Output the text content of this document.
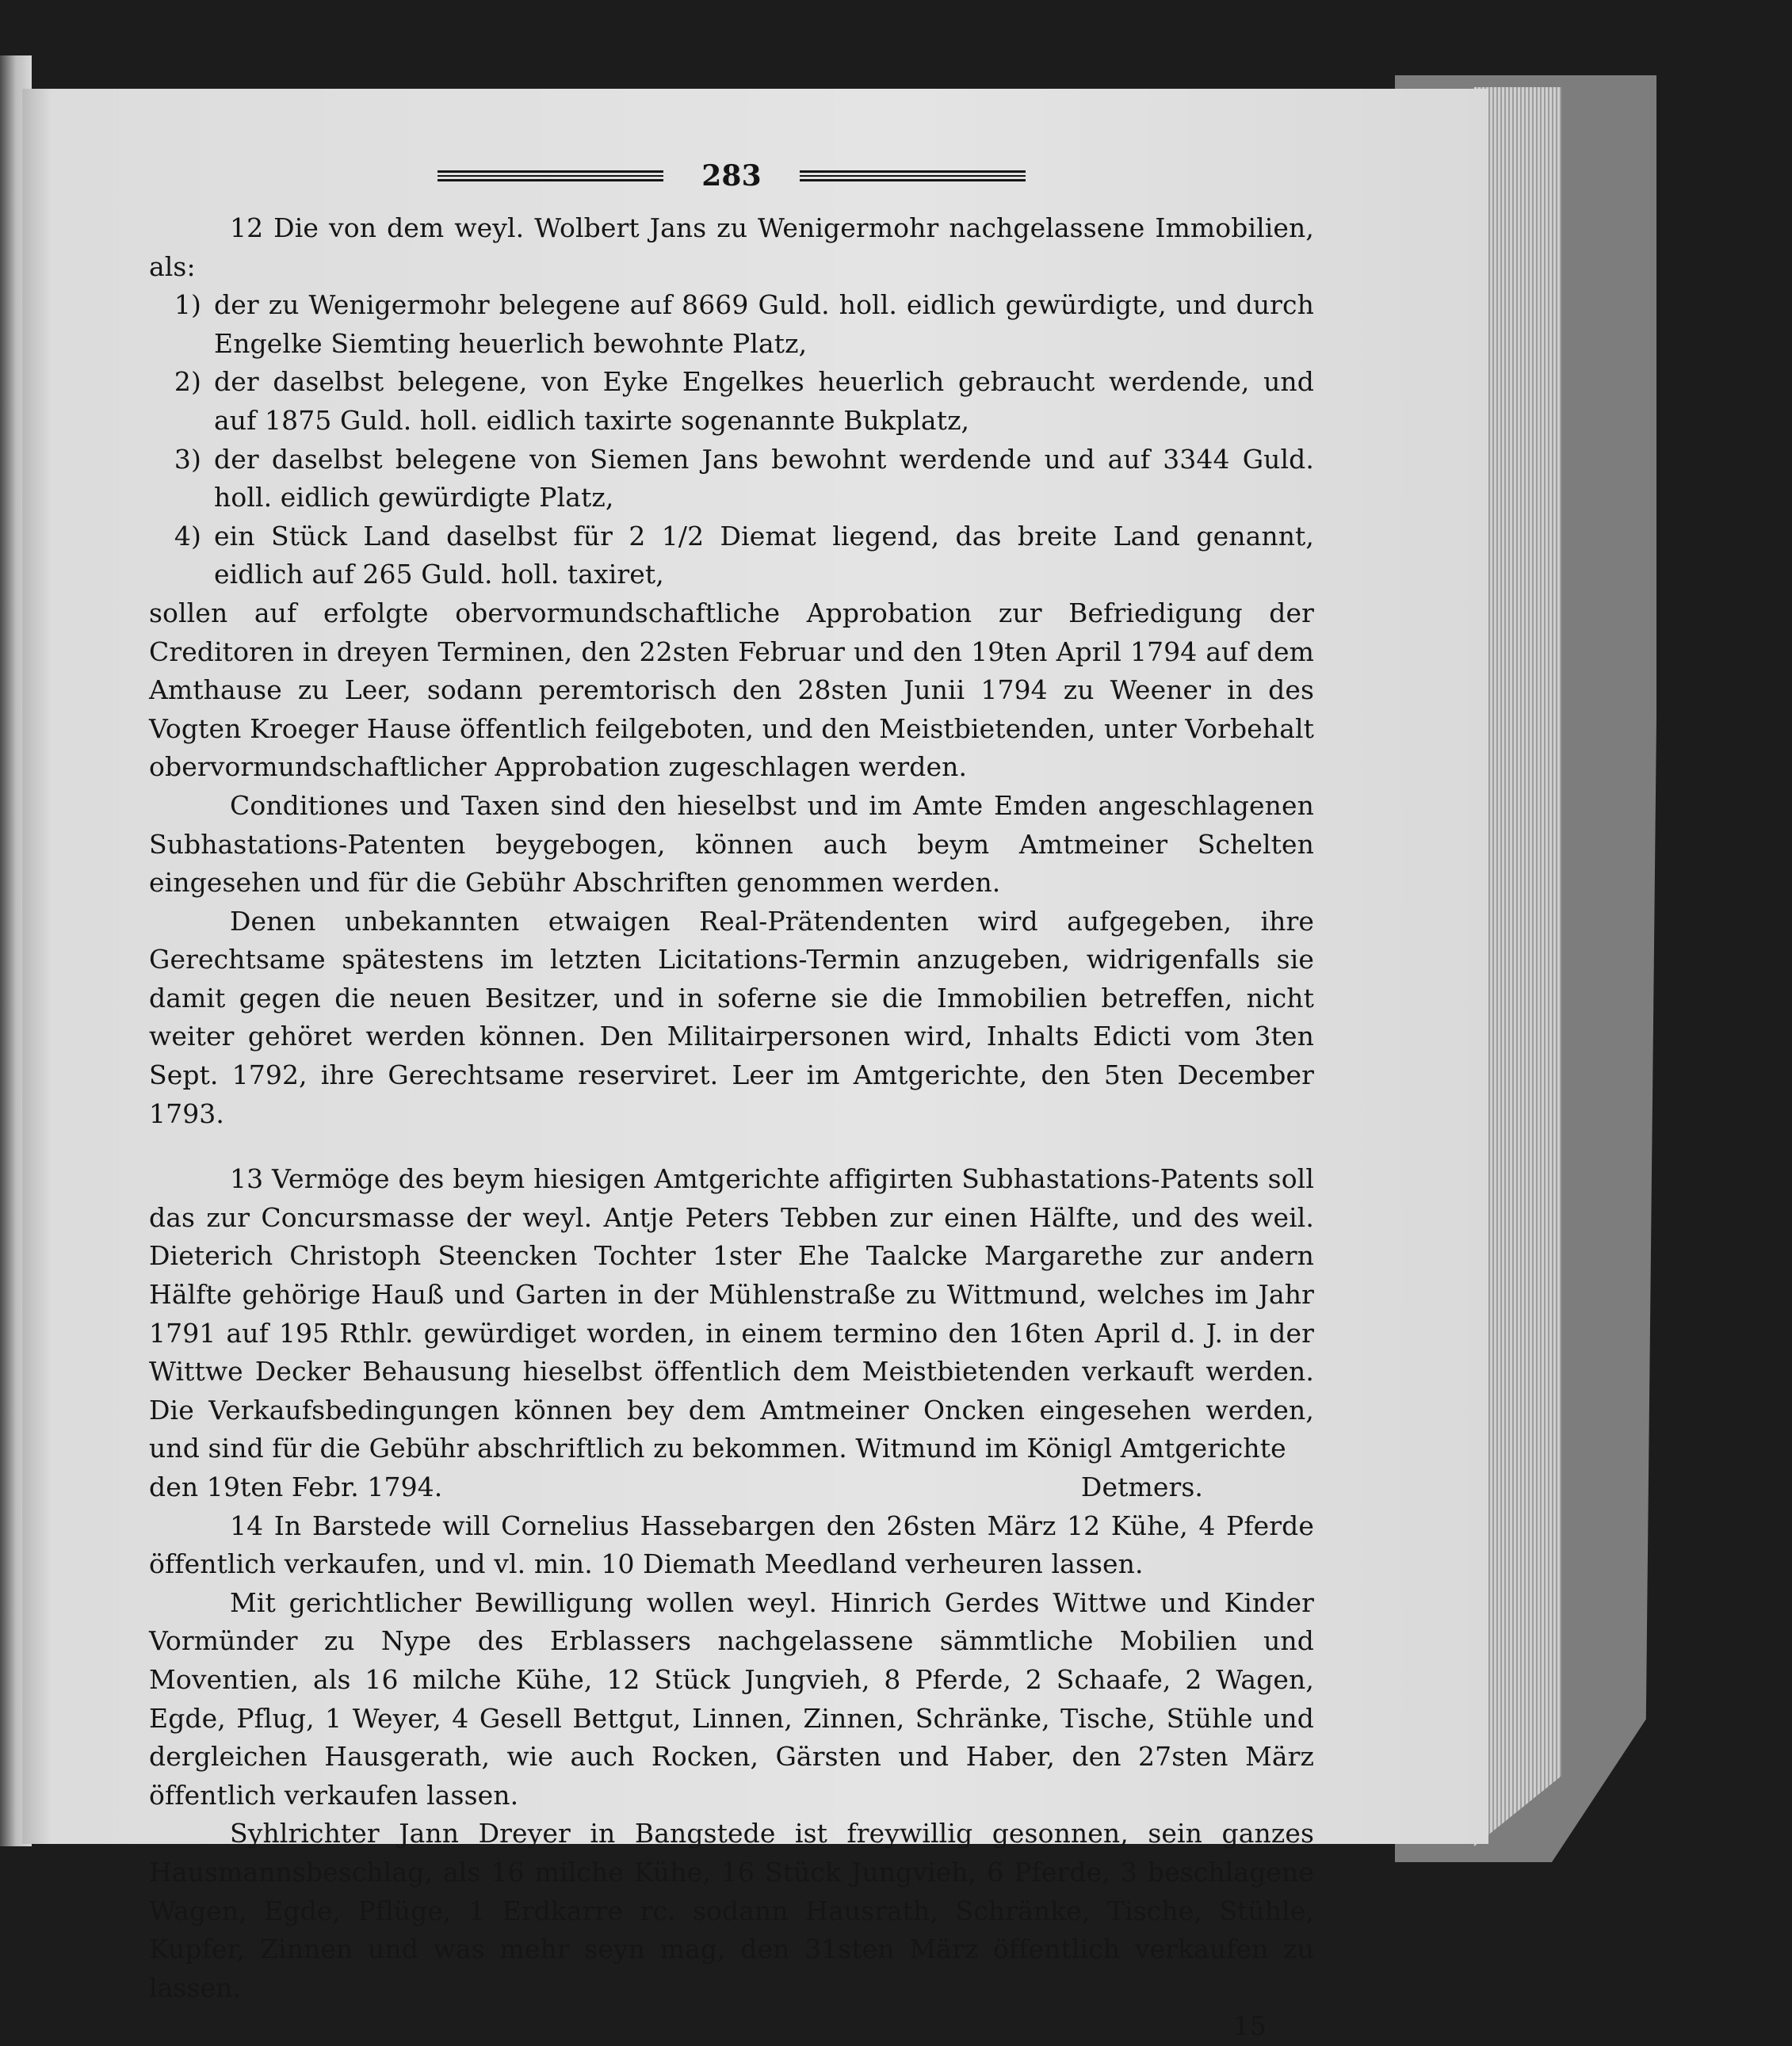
283

12 Die von dem weyl. Wolbert Jans zu Wenigermohr nachgelassene Immobilien, als:

1) der zu Wenigermohr belegene auf 8669 Guld. holl. eidlich gewürdigte, und durch Engelke Siemting heuerlich bewohnte Platz,
2) der daselbst belegene, von Eyke Engelkes heuerlich gebraucht werdende, und auf 1875 Guld. holl. eidlich taxirte sogenannte Bukplatz,
3) der daselbst belegene von Siemen Jans bewohnt werdende und auf 3344 Guld. holl. eidlich gewürdigte Platz,
4) ein Stück Land daselbst für 2 1/2 Diemat liegend, das breite Land genannt, eidlich auf 265 Guld. holl. taxiret,

sollen auf erfolgte obervormundschaftliche Approbation zur Befriedigung der Creditoren in dreyen Terminen, den 22sten Februar und den 19ten April 1794 auf dem Amthause zu Leer, sodann peremtorisch den 28sten Junii 1794 zu Weener in des Vogten Kroeger Hause öffentlich feilgeboten, und den Meistbietenden, unter Vorbehalt obervormundschaftlicher Approbation zugeschlagen werden.

Conditiones und Taxen sind den hieselbst und im Amte Emden angeschlagenen Subhastations-Patenten beygebogen, können auch beym Amtmeiner Schelten eingesehen und für die Gebühr Abschriften genommen werden.

Denen unbekannten etwaigen Real-Prätendenten wird aufgegeben, ihre Gerechtsame spätestens im letzten Licitations-Termin anzugeben, widrigenfalls sie damit gegen die neuen Besitzer, und in soferne sie die Immobilien betreffen, nicht weiter gehöret werden können. Den Militairpersonen wird, Inhalts Edicti vom 3ten Sept. 1792, ihre Gerechtsame reserviret. Leer im Amtgerichte, den 5ten December 1793.

13 Vermöge des beym hiesigen Amtgerichte affigirten Subhastations-Patents soll das zur Concursmasse der weyl. Antje Peters Tebben zur einen Hälfte, und des weil. Dieterich Christoph Steencken Tochter 1ster Ehe Taalcke Margarethe zur andern Hälfte gehörige Hauß und Garten in der Mühlenstraße zu Wittmund, welches im Jahr 1791 auf 195 Rthlr. gewürdiget worden, in einem termino den 16ten April d. J. in der Wittwe Decker Behausung hieselbst öffentlich dem Meistbietenden verkauft werden. Die Verkaufsbedingungen können bey dem Amtmeiner Oncken eingesehen werden, und sind für die Gebühr abschriftlich zu bekommen. Witmund im Königl Amtgerichte

den 19ten Febr. 1794.	Detmers.

14 In Barstede will Cornelius Hassebargen den 26sten März 12 Kühe, 4 Pferde öffentlich verkaufen, und vl. min. 10 Diemath Meedland verheuren lassen.

Mit gerichtlicher Bewilligung wollen weyl. Hinrich Gerdes Wittwe und Kinder Vormünder zu Nype des Erblassers nachgelassene sämmtliche Mobilien und Moventien, als 16 milche Kühe, 12 Stück Jungvieh, 8 Pferde, 2 Schaafe, 2 Wagen, Egde, Pflug, 1 Weyer, 4 Gesell Bettgut, Linnen, Zinnen, Schränke, Tische, Stühle und dergleichen Hausgerath, wie auch Rocken, Gärsten und Haber, den 27sten März öffentlich verkaufen lassen.

Syhlrichter Jann Dreyer in Bangstede ist freywillig gesonnen, sein ganzes Hausmannsbeschlag, als 16 milche Kühe, 16 Stück Jungvieh, 6 Pferde, 3 beschlagene Wagen, Egde, Pflüge, 1 Erdkarre rc. sodann Hausrath, Schränke, Tische, Stühle, Kupfer, Zinnen und was mehr seyn mag, den 31sten März öffentlich verkaufen zu lassen.

15
